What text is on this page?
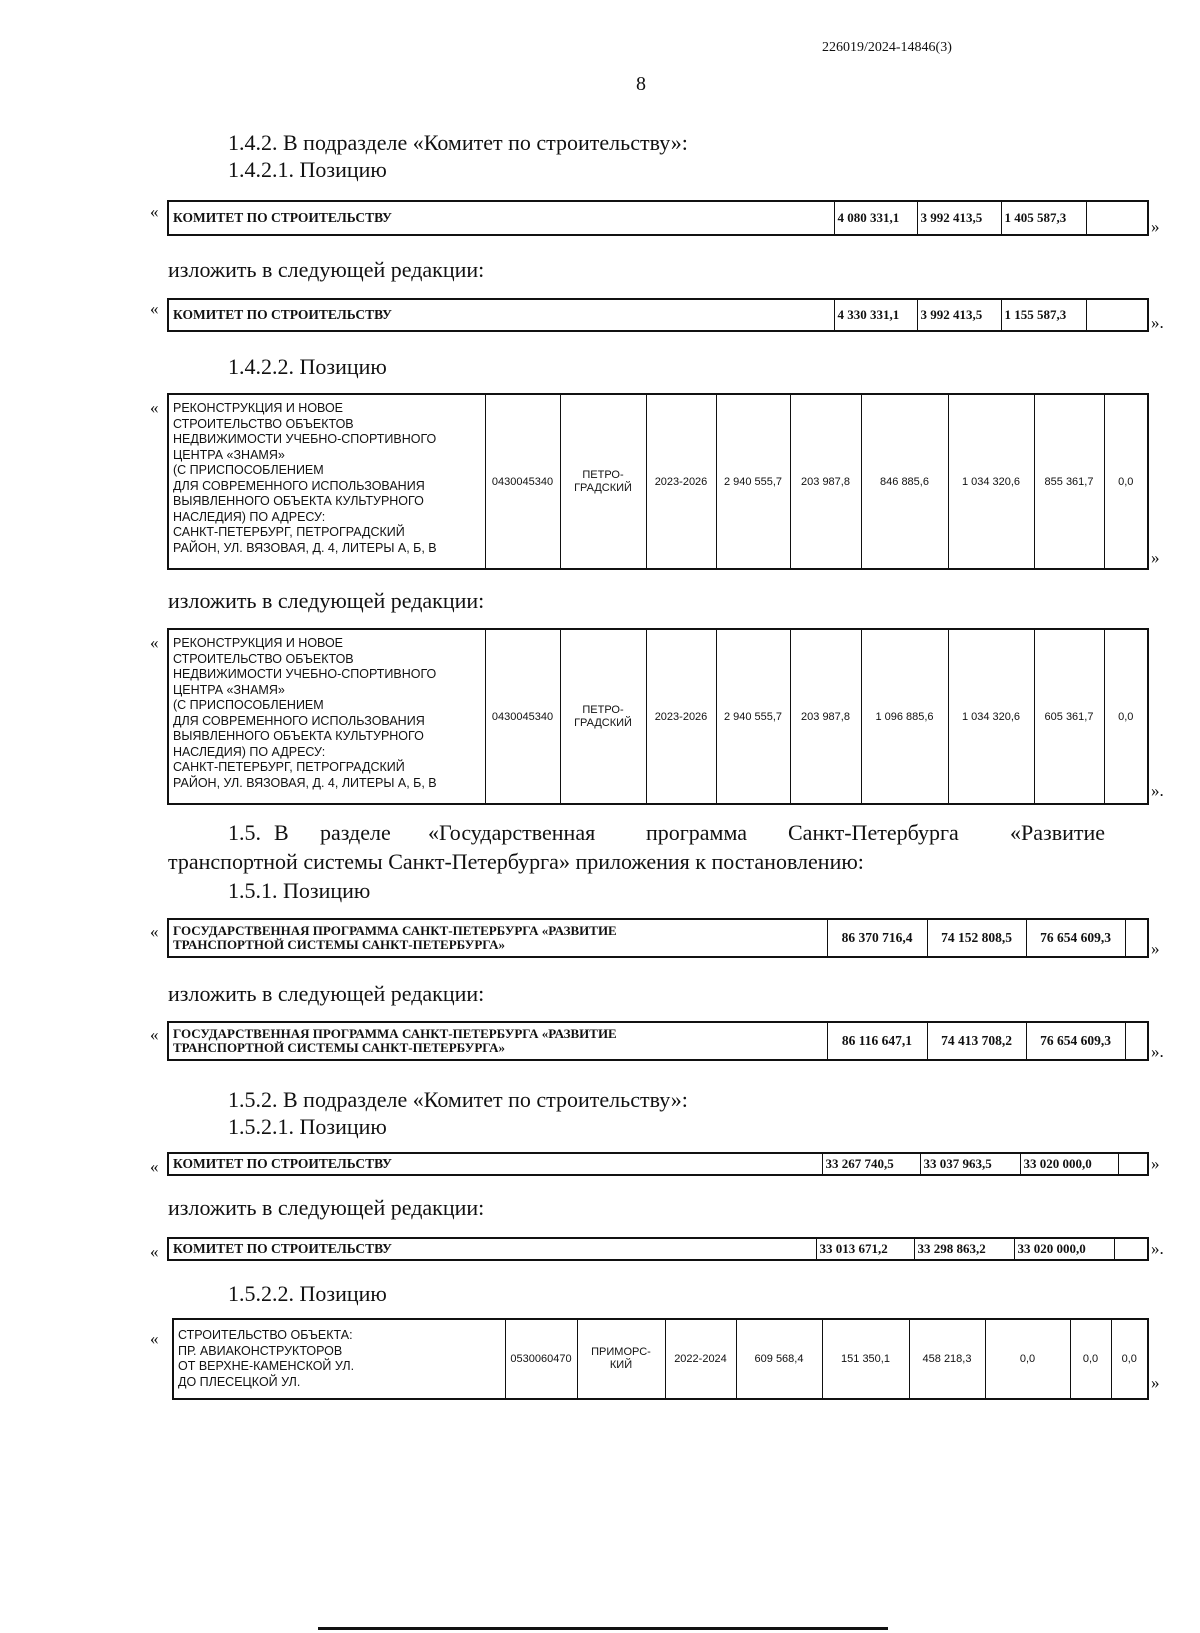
226019/2024-14846(3)
8
1.4.2. В подразделе «Комитет по строительству»:
1.4.2.1. Позицию
« КОМИТЕТ ПО СТРОИТЕЛЬСТВУ	4 080 331,1	3 992 413,5	1 405 587,3		»
изложить в следующей редакции:
« КОМИТЕТ ПО СТРОИТЕЛЬСТВУ	4 330 331,1	3 992 413,5	1 155 587,3		».
1.4.2.2. Позицию
« РЕКОНСТРУКЦИЯ И НОВОЕ
СТРОИТЕЛЬСТВО ОБЪЕКТОВ
НЕДВИЖИМОСТИ УЧЕБНО-СПОРТИВНОГО
ЦЕНТРА «ЗНАМЯ»
(С ПРИСПОСОБЛЕНИЕМ
ДЛЯ СОВРЕМЕННОГО ИСПОЛЬЗОВАНИЯ
ВЫЯВЛЕННОГО ОБЪЕКТА КУЛЬТУРНОГО
НАСЛЕДИЯ) ПО АДРЕСУ:
САНКТ-ПЕТЕРБУРГ, ПЕТРОГРАДСКИЙ
РАЙОН, УЛ. ВЯЗОВАЯ, Д. 4, ЛИТЕРЫ А, Б, В
	0430045340	
ПЕТРО-
ГРАДСКИЙ	2023-2026	2 940 555,7	203 987,8	846 885,6	1 034 320,6	855 361,7	0,0
»
изложить в следующей редакции:
« РЕКОНСТРУКЦИЯ И НОВОЕ
СТРОИТЕЛЬСТВО ОБЪЕКТОВ
НЕДВИЖИМОСТИ УЧЕБНО-СПОРТИВНОГО
ЦЕНТРА «ЗНАМЯ»
(С ПРИСПОСОБЛЕНИЕМ
ДЛЯ СОВРЕМЕННОГО ИСПОЛЬЗОВАНИЯ
ВЫЯВЛЕННОГО ОБЪЕКТА КУЛЬТУРНОГО
НАСЛЕДИЯ) ПО АДРЕСУ:
САНКТ-ПЕТЕРБУРГ, ПЕТРОГРАДСКИЙ
РАЙОН, УЛ. ВЯЗОВАЯ, Д. 4, ЛИТЕРЫ А, Б, В
	0430045340	
ПЕТРО-
ГРАДСКИЙ	2023-2026	2 940 555,7	203 987,8	1 096 885,6	1 034 320,6	605 361,7	0,0
».
1.5. В разделе «Государственная программа Санкт-Петербурга «Развитие
транспортной системы Санкт-Петербурга» приложения к постановлению:
1.5.1. Позицию
« ГОСУДАРСТВЕННАЯ ПРОГРАММА САНКТ-ПЕТЕРБУРГА «РАЗВИТИЕ
ТРАНСПОРТНОЙ СИСТЕМЫ САНКТ-ПЕТЕРБУРГА»	86 370 716,4	74 152 808,5	76 654 609,3	
»
изложить в следующей редакции:
« ГОСУДАРСТВЕННАЯ ПРОГРАММА САНКТ-ПЕТЕРБУРГА «РАЗВИТИЕ
ТРАНСПОРТНОЙ СИСТЕМЫ САНКТ-ПЕТЕРБУРГА»	86 116 647,1	74 413 708,2	76 654 609,3	
».
1.5.2. В подразделе «Комитет по строительству»:
1.5.2.1. Позицию
« КОМИТЕТ ПО СТРОИТЕЛЬСТВУ	33 267 740,5	33 037 963,5	33 020 000,0		»
изложить в следующей редакции:
« КОМИТЕТ ПО СТРОИТЕЛЬСТВУ	33 013 671,2	33 298 863,2	33 020 000,0		».
1.5.2.2. Позицию
« СТРОИТЕЛЬСТВО ОБЪЕКТА:
ПР. АВИАКОНСТРУКТОРОВ
ОТ ВЕРХНЕ-КАМЕНСКОЙ УЛ.
ДО ПЛЕСЕЦКОЙ УЛ.
	0530060470	
ПРИМОРС-
КИЙ	2022-2024	609 568,4	151 350,1	458 218,3	0,0	0,0	0,0
»
